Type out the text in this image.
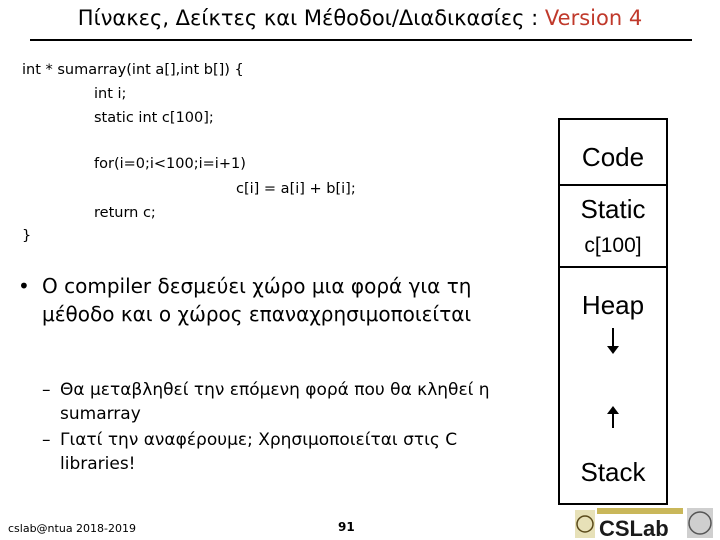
Πίνακες, Δείκτες και Μέθοδοι/Διαδικασίες : Version 4
int * sumarray(int a[],int b[]) {
int i;
static int c[100];
for(i=0;i<100;i=i+1)
c[i] = a[i] + b[i];
return c;
}
• O compiler δεσμεύει χώρο μια φορά για τη μέθοδο και ο χώρος επαναχρησιμοποιείται
– Θα μεταβληθεί την επόμενη φορά που θα κληθεί η sumarray
– Γιατί την αναφέρουμε; Χρησιμοποιείται στις C libraries!
Code
Static
c[100]
Heap
Stack
cslab@ntua 2018-2019	91	CSLab
